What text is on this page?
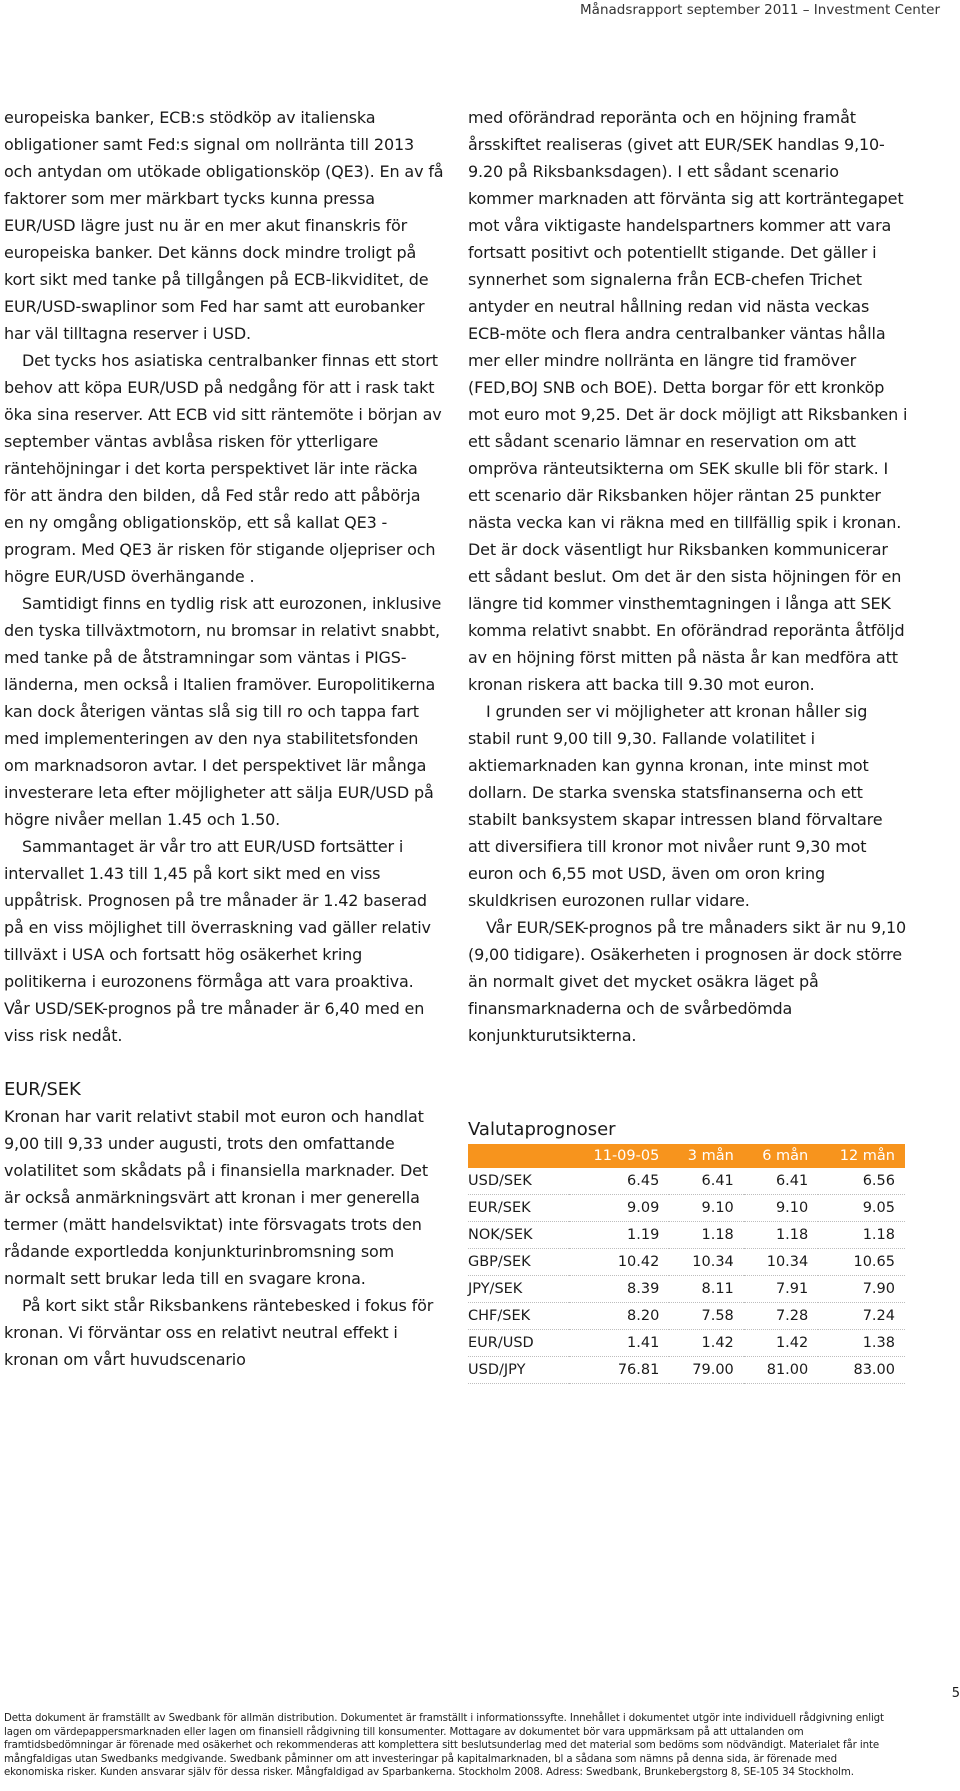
Månadsrapport september 2011 – Investment Center

europeiska banker, ECB:s stödköp av italienska obligationer samt Fed:s signal om nollränta till 2013 och antydan om utökade obligationsköp (QE3). En av få faktorer som mer märkbart tycks kunna pressa EUR/USD lägre just nu är en mer akut finanskris för europeiska banker. Det känns dock mindre troligt på kort sikt med tanke på tillgången på ECB-likviditet, de EUR/USD-swaplinor som Fed har samt att eurobanker har väl tilltagna reserver i USD.

Det tycks hos asiatiska centralbanker finnas ett stort behov att köpa EUR/USD på nedgång för att i rask takt öka sina reserver. Att ECB vid sitt räntemöte i början av september väntas avblåsa risken för ytterligare räntehöjningar i det korta perspektivet lär inte räcka för att ändra den bilden, då Fed står redo att påbörja en ny omgång obligationsköp, ett så kallat QE3 -program. Med QE3 är risken för stigande oljepriser och högre EUR/USD överhängande .

Samtidigt finns en tydlig risk att eurozonen, inklusive den tyska tillväxtmotorn, nu bromsar in relativt snabbt, med tanke på de åtstramningar som väntas i PIGS-länderna, men också i Italien framöver. Europolitikerna kan dock återigen väntas slå sig till ro och tappa fart med implementeringen av den nya stabilitetsfonden om marknadsoron avtar. I det perspektivet lär många investerare leta efter möjligheter att sälja EUR/USD på högre nivåer mellan 1.45 och 1.50.

Sammantaget är vår tro att EUR/USD fortsätter i intervallet 1.43 till 1,45 på kort sikt med en viss uppåtrisk. Prognosen på tre månader är 1.42 baserad på en viss möjlighet till överraskning vad gäller relativ tillväxt i USA och fortsatt hög osäkerhet kring politikerna i eurozonens förmåga att vara proaktiva. Vår USD/SEK-prognos på tre månader är 6,40 med en viss risk nedåt.

EUR/SEK

Kronan har varit relativt stabil mot euron och handlat 9,00 till 9,33 under augusti, trots den omfattande volatilitet som skådats på i finansiella marknader. Det är också anmärkningsvärt att kronan i mer generella termer (mätt handelsviktat) inte försvagats trots den rådande exportledda konjunkturinbromsning som normalt sett brukar leda till en svagare krona.

På kort sikt står Riksbankens räntebesked i fokus för kronan. Vi förväntar oss en relativt neutral effekt i kronan om vårt huvudscenario

med oförändrad reporänta och en höjning framåt årsskiftet realiseras (givet att EUR/SEK handlas 9,10-9.20 på Riksbanksdagen). I ett sådant scenario kommer marknaden att förvänta sig att korträntegapet mot våra viktigaste handelspartners kommer att vara fortsatt positivt och potentiellt stigande. Det gäller i synnerhet som signalerna från ECB-chefen Trichet antyder en neutral hållning redan vid nästa veckas ECB-möte och flera andra centralbanker väntas hålla mer eller mindre nollränta en längre tid framöver (FED,BOJ SNB och BOE). Detta borgar för ett kronköp mot euro mot 9,25. Det är dock möjligt att Riksbanken i ett sådant scenario lämnar en reservation om att ompröva ränteutsikterna om SEK skulle bli för stark. I ett scenario där Riksbanken höjer räntan 25 punkter nästa vecka kan vi räkna med en tillfällig spik i kronan. Det är dock väsentligt hur Riksbanken kommunicerar ett sådant beslut. Om det är den sista höjningen för en längre tid kommer vinsthemtagningen i långa att SEK komma relativt snabbt. En oförändrad reporänta åtföljd av en höjning först mitten på nästa år kan medföra att kronan riskera att backa till 9.30 mot euron.

I grunden ser vi möjligheter att kronan håller sig stabil runt 9,00 till 9,30. Fallande volatilitet i aktiemarknaden kan gynna kronan, inte minst mot dollarn. De starka svenska statsfinanserna och ett stabilt banksystem skapar intressen bland förvaltare att diversifiera till kronor mot nivåer runt 9,30 mot euron och 6,55 mot USD, även om oron kring skuldkrisen eurozonen rullar vidare.

Vår EUR/SEK-prognos på tre månaders sikt är nu 9,10 (9,00 tidigare). Osäkerheten i prognosen är dock större än normalt givet det mycket osäkra läget på finansmarknaderna och de svårbedömda konjunkturutsikterna.

Valutaprognoser
	11-09-05	3 mån	6 mån	12 mån
USD/SEK	6.45	6.41	6.41	6.56
EUR/SEK	9.09	9.10	9.10	9.05
NOK/SEK	1.19	1.18	1.18	1.18
GBP/SEK	10.42	10.34	10.34	10.65
JPY/SEK	8.39	8.11	7.91	7.90
CHF/SEK	8.20	7.58	7.28	7.24
EUR/USD	1.41	1.42	1.42	1.38
USD/JPY	76.81	79.00	81.00	83.00
5
Detta dokument är framställt av Swedbank för allmän distribution. Dokumentet är framställt i informationssyfte. Innehållet i dokumentet utgör inte individuell rådgivning enligt lagen om värdepappersmarknaden eller lagen om finansiell rådgivning till konsumenter. Mottagare av dokumentet bör vara uppmärksam på att uttalanden om framtidsbedömningar är förenade med osäkerhet och rekommenderas att komplettera sitt beslutsunderlag med det material som bedöms som nödvändigt. Materialet får inte mångfaldigas utan Swedbanks medgivande. Swedbank påminner om att investeringar på kapitalmarknaden, bl a sådana som nämns på denna sida, är förenade med ekonomiska risker. Kunden ansvarar själv för dessa risker. Mångfaldigad av Sparbankerna. Stockholm 2008. Adress: Swedbank, Brunkebergstorg 8, SE-105 34 Stockholm.
